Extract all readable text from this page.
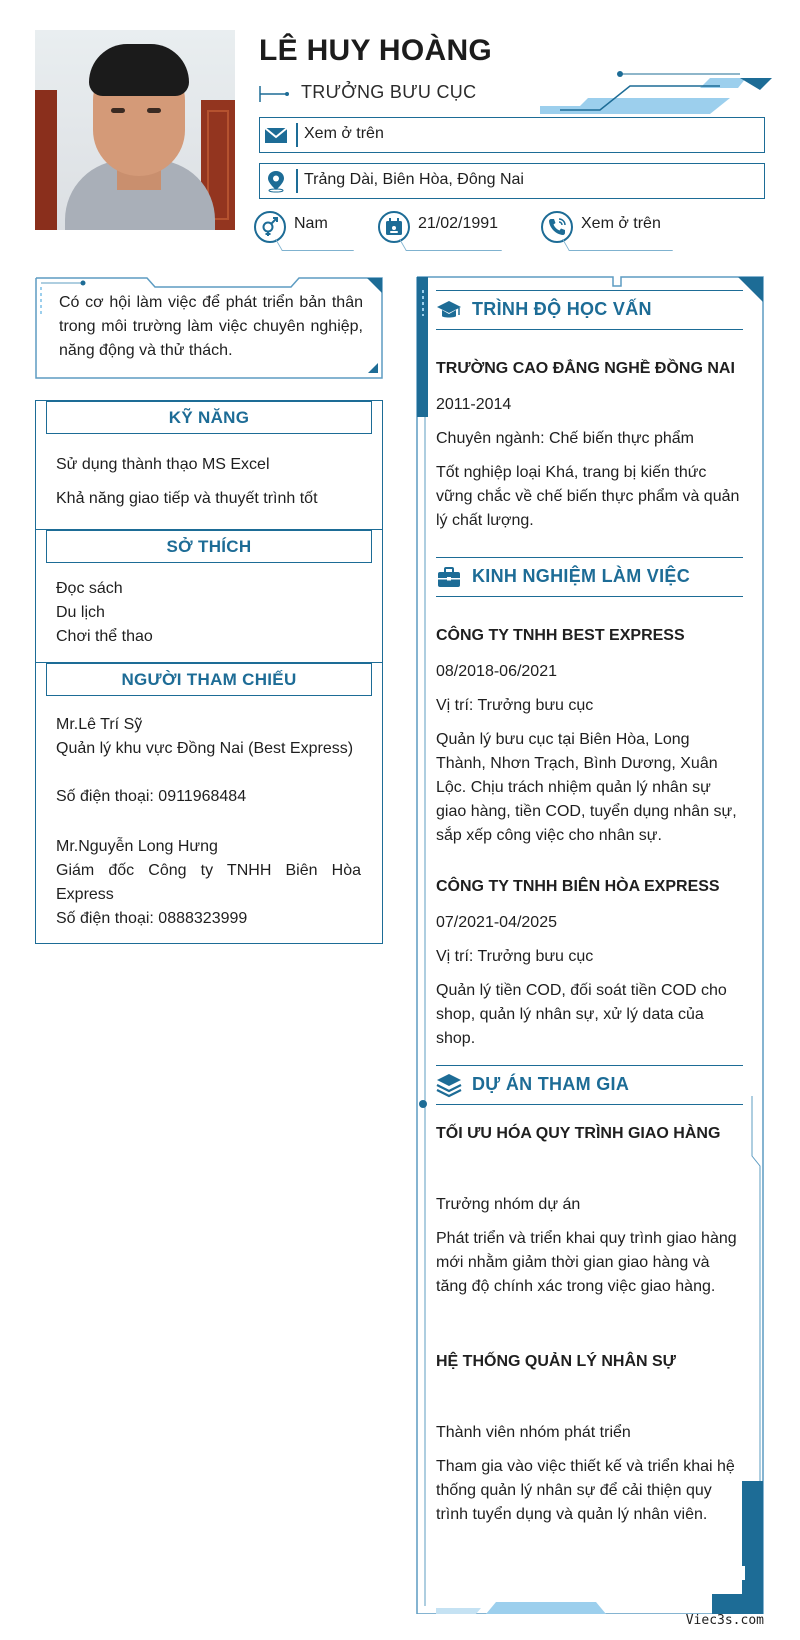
LÊ HUY HOÀNG
TRƯỞNG BƯU CỤC
Xem ở trên
Trảng Dài, Biên Hòa, Đông Nai
Nam	21/02/1991	Xem ở trên
Có cơ hội làm việc để phát triển bản thân trong môi trường làm việc chuyên nghiệp, năng động và thử thách.
KỸ NĂNG
Sử dụng thành thạo MS Excel
Khả năng giao tiếp và thuyết trình tốt
SỞ THÍCH
Đọc sách
Du lịch
Chơi thể thao
NGƯỜI THAM CHIẾU
Mr.Lê Trí Sỹ
Quản lý khu vực Đồng Nai (Best Express)
Số điện thoại: 0911968484
Mr.Nguyễn Long Hưng
Giám đốc Công ty TNHH Biên Hòa Express
Số điện thoại: 0888323999
TRÌNH ĐỘ HỌC VẤN
TRƯỜNG CAO ĐẲNG NGHỀ ĐỒNG NAI
2011-2014
Chuyên ngành: Chế biến thực phẩm
Tốt nghiệp loại Khá, trang bị kiến thức vững chắc về chế biến thực phẩm và quản lý chất lượng.
KINH NGHIỆM LÀM VIỆC
CÔNG TY TNHH BEST EXPRESS
08/2018-06/2021
Vị trí: Trưởng bưu cục
Quản lý bưu cục tại Biên Hòa, Long Thành, Nhơn Trạch, Bình Dương, Xuân Lộc. Chịu trách nhiệm quản lý nhân sự giao hàng, tiền COD, tuyển dụng nhân sự, sắp xếp công việc cho nhân sự.
CÔNG TY TNHH BIÊN HÒA EXPRESS
07/2021-04/2025
Vị trí: Trưởng bưu cục
Quản lý tiền COD, đối soát tiền COD cho shop, quản lý nhân sự, xử lý data của shop.
DỰ ÁN THAM GIA
TỐI ƯU HÓA QUY TRÌNH GIAO HÀNG
Trưởng nhóm dự án
Phát triển và triển khai quy trình giao hàng mới nhằm giảm thời gian giao hàng và tăng độ chính xác trong việc giao hàng.
HỆ THỐNG QUẢN LÝ NHÂN SỰ
Thành viên nhóm phát triển
Tham gia vào việc thiết kế và triển khai hệ thống quản lý nhân sự để cải thiện quy trình tuyển dụng và quản lý nhân viên.
Viec3s.com
